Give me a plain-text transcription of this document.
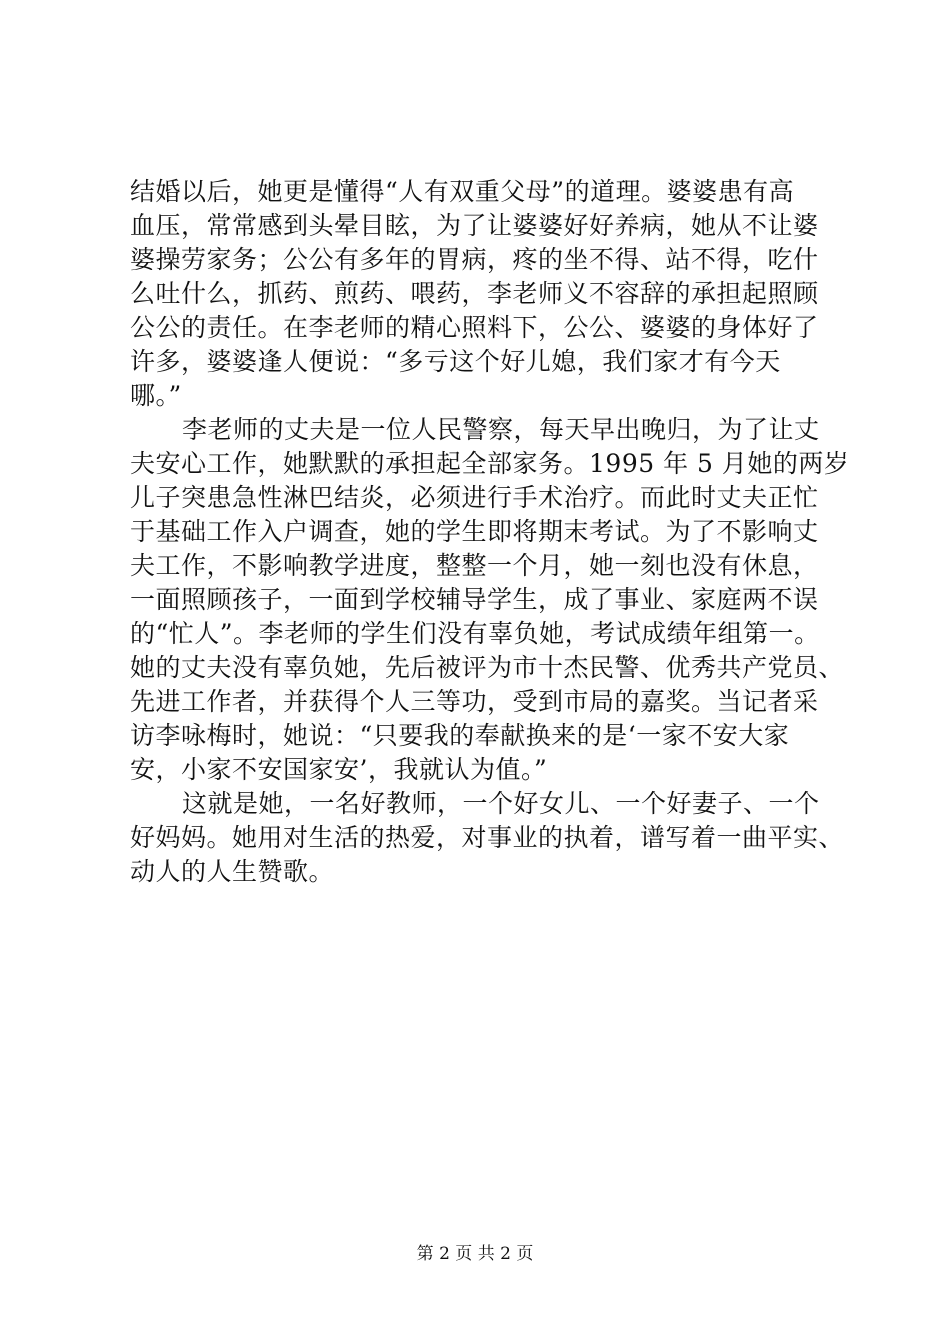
结婚以后，她更是懂得“人有双重父母”的道理。婆婆患有高
血压，常常感到头晕目眩，为了让婆婆好好养病，她从不让婆
婆操劳家务；公公有多年的胃病，疼的坐不得、站不得，吃什
么吐什么，抓药、煎药、喂药，李老师义不容辞的承担起照顾
公公的责任。在李老师的精心照料下，公公、婆婆的身体好了
许多，婆婆逢人便说：“多亏这个好儿媳，我们家才有今天
哪。”
李老师的丈夫是一位人民警察，每天早出晚归，为了让丈
夫安心工作，她默默的承担起全部家务。1995 年 5 月她的两岁
儿子突患急性淋巴结炎，必须进行手术治疗。而此时丈夫正忙
于基础工作入户调查，她的学生即将期末考试。为了不影响丈
夫工作，不影响教学进度，整整一个月，她一刻也没有休息，
一面照顾孩子，一面到学校辅导学生，成了事业、家庭两不误
的“忙人”。李老师的学生们没有辜负她，考试成绩年组第一。
她的丈夫没有辜负她，先后被评为市十杰民警、优秀共产党员、
先进工作者，并获得个人三等功，受到市局的嘉奖。当记者采
访李咏梅时，她说：“只要我的奉献换来的是‘一家不安大家
安，小家不安国家安’，我就认为值。”
这就是她，一名好教师，一个好女儿、一个好妻子、一个
好妈妈。她用对生活的热爱，对事业的执着，谱写着一曲平实、
动人的人生赞歌。
第 2 页 共 2 页
